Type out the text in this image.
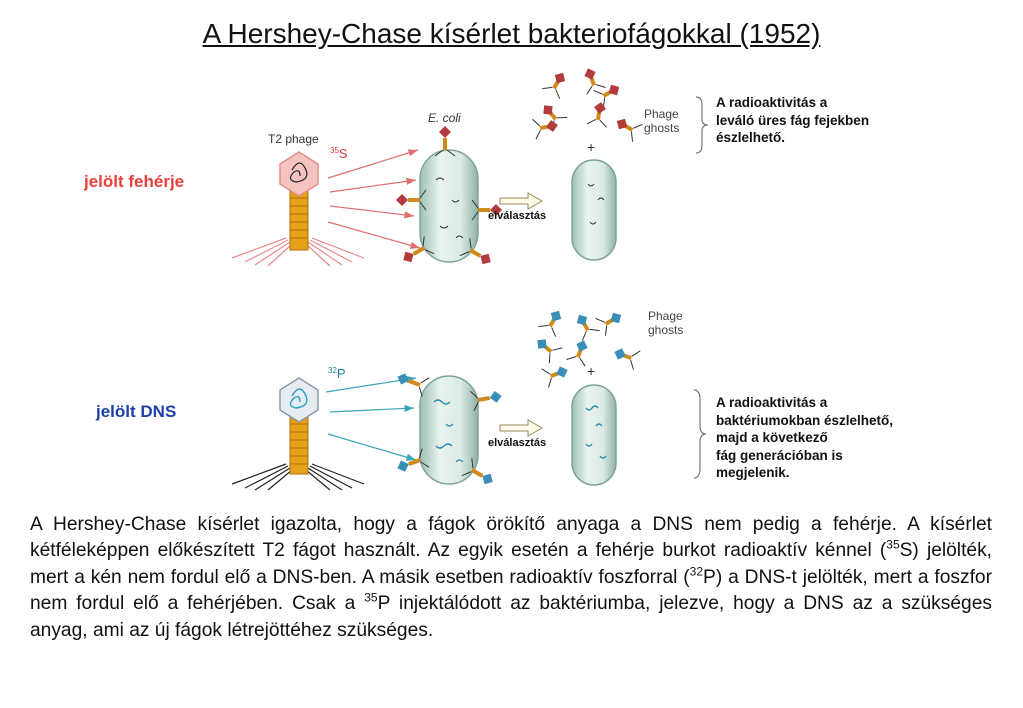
A Hershey-Chase kísérlet bakteriofágokkal (1952)
T2 phage
$^{35}$S
E. coli
+
Phage
ghosts
$^{32}$P	+
Phage
ghosts
jelölt fehérje
jelölt DNS
elválasztás
elválasztás
A radioaktivitás a
leváló üres fág fejekben
észlelhető.
A radioaktivitás a
baktériumokban észlelhető,
majd a következő
fág generációban is
megjelenik.
A Hershey-Chase kísérlet igazolta, hogy a fágok örökítő anyaga a DNS nem pedig a fehérje. A kísérlet kétféleképpen előkészített T2 fágot használt. Az egyik esetén a fehérje burkot radioaktív kénnel ($^{35}$S) jelölték, mert a kén nem fordul elő a DNS-ben. A másik esetben radioaktív foszforral ($^{32}$P) a DNS-t jelölték, mert a foszfor nem fordul elő a fehérjében. Csak a $^{35}$P injektálódott az baktériumba, jelezve, hogy a DNS az a szükséges anyag, ami az új fágok létrejöttéhez szükséges.
